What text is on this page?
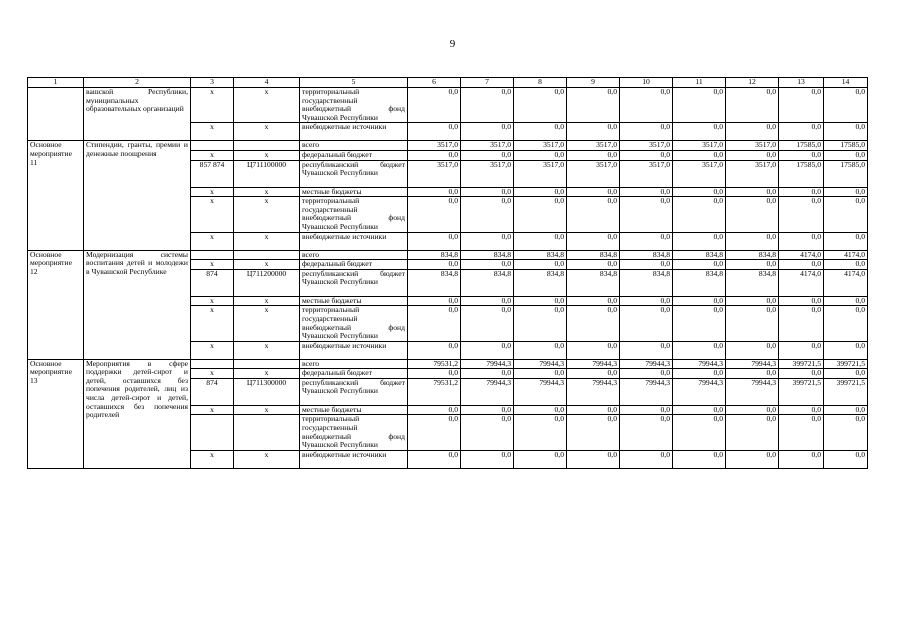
9
1	2	3	4	5	6	7	8	9	10	11	12	13	14
	вашской Республики, муниципальных образовательных организаций	x	x	территориальный государственный внебюджетный фонд Чувашской Республики	0,0	0,0	0,0	0,0	0,0	0,0	0,0	0,0	0,0
		x	x	внебюджетные источники	0,0	0,0	0,0	0,0	0,0	0,0	0,0	0,0	0,0
Основное мероприятие 11	Стипендии, гранты, премии и денежные поощрения			всего	3517,0	3517,0	3517,0	3517,0	3517,0	3517,0	3517,0	17585,0	17585,0
		x	x	федеральный бюджет	0,0	0,0	0,0	0,0	0,0	0,0	0,0	0,0	0,0
		857 874	Ц711100000	республиканский бюджет Чувашской Республики	3517,0	3517,0	3517,0	3517,0	3517,0	3517,0	3517,0	17585,0	17585,0
		x	x	местные бюджеты	0,0	0,0	0,0	0,0	0,0	0,0	0,0	0,0	0,0
		x	x	территориальный государственный внебюджетный фонд Чувашской Республики	0,0	0,0	0,0	0,0	0,0	0,0	0,0	0,0	0,0
		x	x	внебюджетные источники	0,0	0,0	0,0	0,0	0,0	0,0	0,0	0,0	0,0
Основное мероприятие 12	Модернизация системы воспитания детей и молодежи в Чувашской Республике			всего	834,8	834,8	834,8	834,8	834,8	834,8	834,8	4174,0	4174,0
		x	x	федеральный бюджет	0,0	0,0	0,0	0,0	0,0	0,0	0,0	0,0	0,0
		874	Ц711200000	республиканский бюджет Чувашской Республики	834,8	834,8	834,8	834,8	834,8	834,8	834,8	4174,0	4174,0
		x	x	местные бюджеты	0,0	0,0	0,0	0,0	0,0	0,0	0,0	0,0	0,0
		x	x	территориальный государственный внебюджетный фонд Чувашской Республики	0,0	0,0	0,0	0,0	0,0	0,0	0,0	0,0	0,0
		x	x	внебюджетные источники	0,0	0,0	0,0	0,0	0,0	0,0	0,0	0,0	0,0
Основное мероприятие 13	Мероприятия в сфере поддержки детей-сирот и детей, оставшихся без попечения родителей, лиц из числа детей-сирот и детей, оставшихся без попечения родителей			всего	79531,2	79944,3	79944,3	79944,3	79944,3	79944,3	79944,3	399721,5	399721,5
		x	x	федеральный бюджет	0,0	0,0	0,0	0,0	0,0	0,0	0,0	0,0	0,0
		874	Ц711300000	республиканский бюджет Чувашской Республики	79531,2	79944,3	79944,3	79944,3	79944,3	79944,3	79944,3	399721,5	399721,5
		x	x	местные бюджеты	0,0	0,0	0,0	0,0	0,0	0,0	0,0	0,0	0,0
				территориальный государственный внебюджетный фонд Чувашской Республики	0,0	0,0	0,0	0,0	0,0	0,0	0,0	0,0	0,0
		x	x	внебюджетные источники	0,0	0,0	0,0	0,0	0,0	0,0	0,0	0,0	0,0
